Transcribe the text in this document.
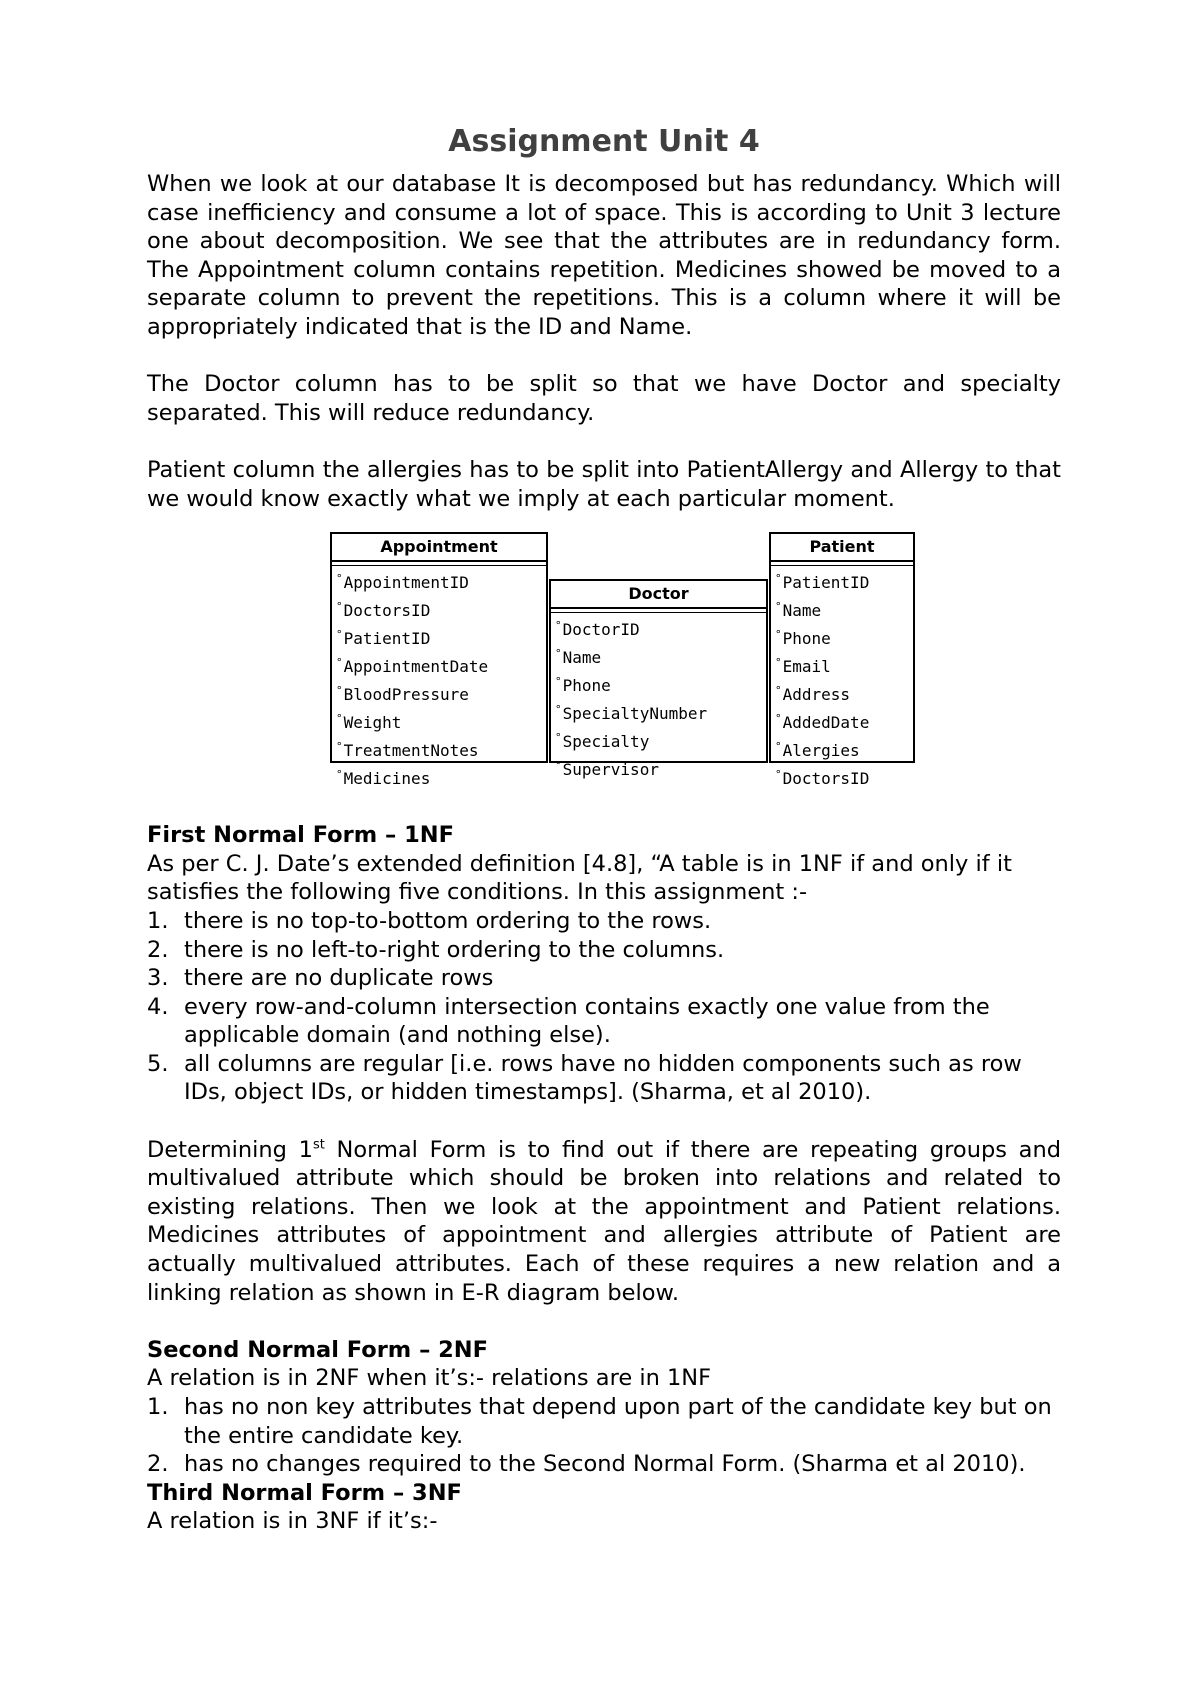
Assignment Unit 4

When we look at our database It is decomposed but has redundancy. Which will case inefficiency and consume a lot of space. This is according to Unit 3 lecture one about decomposition. We see that the attributes are in redundancy form. The Appointment column contains repetition. Medicines showed be moved to a separate column to prevent the repetitions. This is a column where it will be appropriately indicated that is the ID and Name.

The Doctor column has to be split so that we have Doctor and specialty separated. This will reduce redundancy.

Patient column the allergies has to be split into PatientAllergy and Allergy to that we would know exactly what we imply at each particular moment.

Appointment
°AppointmentID
°DoctorsID
°PatientID
°AppointmentDate
°BloodPressure
°Weight
°TreatmentNotes
°Medicines
Doctor
°DoctorID
°Name
°Phone
°SpecialtyNumber
°Specialty
°Supervisor
Patient
°PatientID
°Name
°Phone
°Email
°Address
°AddedDate
°Alergies
°DoctorsID
First Normal Form – 1NF

As per C. J. Date’s extended definition [4.8], “A table is in 1NF if and only if it satisfies the following five conditions. In this assignment :-

1. there is no top-to-bottom ordering to the rows.
2. there is no left-to-right ordering to the columns.
3. there are no duplicate rows
4. every row-and-column intersection contains exactly one value from the applicable domain (and nothing else).
5. all columns are regular [i.e. rows have no hidden components such as row IDs, object IDs, or hidden timestamps]. (Sharma, et al 2010).

Determining 1st Normal Form is to find out if there are repeating groups and multivalued attribute which should be broken into relations and related to existing relations. Then we look at the appointment and Patient relations. Medicines attributes of appointment and allergies attribute of Patient are actually multivalued attributes. Each of these requires a new relation and a linking relation as shown in E-R diagram below.

Second Normal Form – 2NF

A relation is in 2NF when it’s:- relations are in 1NF

1. has no non key attributes that depend upon part of the candidate key but on the entire candidate key.
2. has no changes required to the Second Normal Form. (Sharma et al 2010).
Third Normal Form – 3NF

A relation is in 3NF if it’s:-
